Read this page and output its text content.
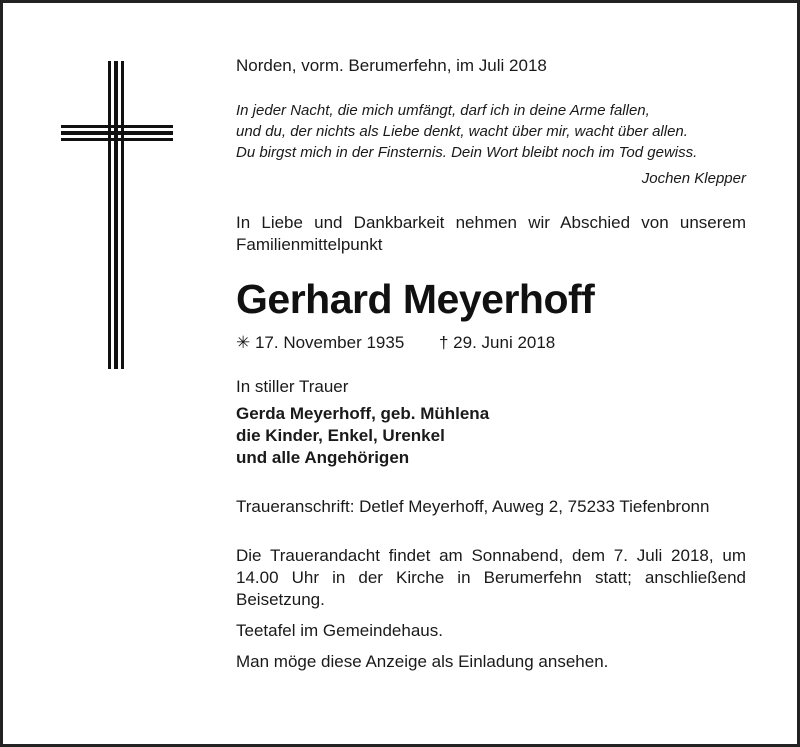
Norden, vorm. Berumerfehn, im Juli 2018
In jeder Nacht, die mich umfängt, darf ich in deine Arme fallen,
und du, der nichts als Liebe denkt, wacht über mir, wacht über allen.
Du birgst mich in der Finsternis. Dein Wort bleibt noch im Tod gewiss.
Jochen Klepper
In Liebe und Dankbarkeit nehmen wir Abschied von unserem Familienmittelpunkt
Gerhard Meyerhoff
✳ 17. November 1935	† 29. Juni 2018
In stiller Trauer
Gerda Meyerhoff, geb. Mühlena
die Kinder, Enkel, Urenkel
und alle Angehörigen
Traueranschrift: Detlef Meyerhoff, Auweg 2, 75233 Tiefenbronn
Die Trauerandacht findet am Sonnabend, dem 7. Juli 2018, um 14.00 Uhr in der Kirche in Berumerfehn statt; anschließend Beisetzung.
Teetafel im Gemeindehaus.
Man möge diese Anzeige als Einladung ansehen.
